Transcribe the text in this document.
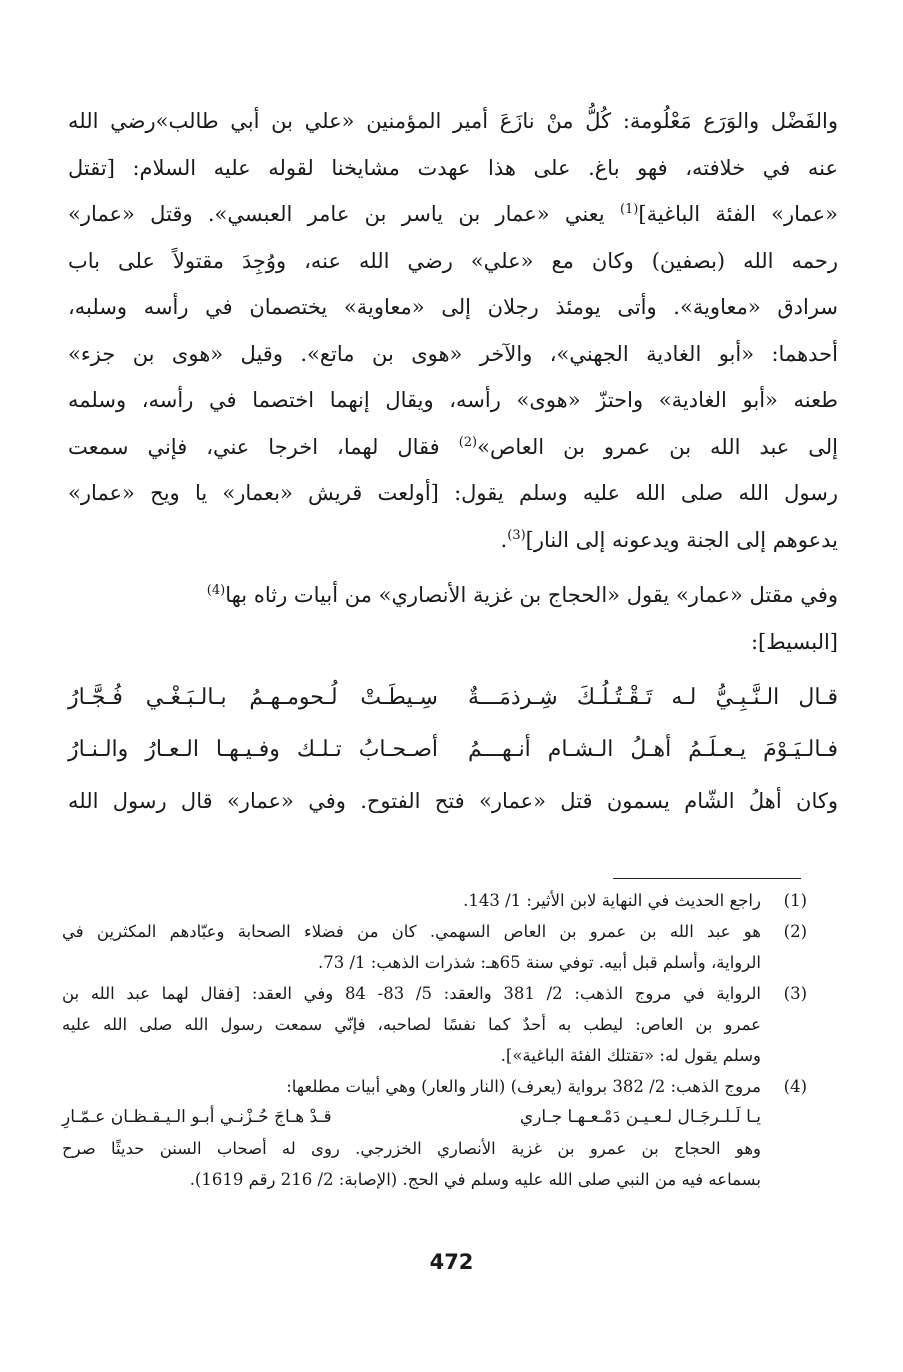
والفَضْل والوَرَع مَعْلُومة: كُلُّ منْ نازَعَ أمير المؤمنين «علي بن أبي طالب»رضي الله
عنه في خلافته، فهو باغ. على هذا عهدت مشايخنا لقوله عليه السلام: [تقتل
«عمار» الفئة الباغية]$^{(1)}$ يعني «عمار بن ياسر بن عامر العبسي». وقتل «عمار»
رحمه الله (بصفين) وكان مع «علي» رضي الله عنه، ووُجِدَ مقتولاً على باب
سرادق «معاوية». وأتى يومئذ رجلان إلى «معاوية» يختصمان في رأسه وسلبه،
أحدهما: «أبو الغادية الجهني»، والآخر «هوى بن ماتع». وقيل «هوى بن جزء»
طعنه «أبو الغادية» واحتزّ «هوى» رأسه، ويقال إنهما اختصما في رأسه، وسلمه
إلى عبد الله بن عمرو بن العاص»$^{(2)}$ فقال لهما، اخرجا عني، فإني سمعت
رسول الله صلى الله عليه وسلم يقول: [أولعت قريش «بعمار» يا ويح «عمار»
يدعوهم إلى الجنة ويدعونه إلى النار]$^{(3)}$.
وفي مقتل «عمار» يقول «الحجاج بن غزية الأنصاري» من أبيات رثاه بها$^{(4)}$
[البسيط]:
قـال الـنَّـبِـيُّ لـه تَـقْـتُـلُـكَ شِـرذمَـــةٌ
سِـيطَـتْ لُـحومـهـمُ بـالـبَـغْـي فُـجَّـارُ
فـالـيَـوْمَ يـعـلَـمُ أهـلُ الـشـام أنـهـــمُ
أصـحـابُ تـلـك وفـيـهـا الـعـارُ والـنـارُ
وكان أهلُ الشّام يسمون قتل «عمار» فتح الفتوح. وفي «عمار» قال رسول الله
(1)
راجع الحديث في النهاية لابن الأثير: 1/ 143.
(2)
هو عبد الله بن عمرو بن العاص السهمي. كان من فضلاء الصحابة وعبّادهم المكثرين في
الرواية، وأسلم قبل أبيه. توفي سنة 65هـ: شذرات الذهب: 1/ 73.
(3)
الرواية في مروج الذهب: 2/ 381 والعقد: 5/ 83- 84 وفي العقد: [فقال لهما عبد الله بن
عمرو بن العاص: ليطب به أحدٌ كما نفسًا لصاحبه، فإنّي سمعت رسول الله صلى الله عليه
وسلم يقول له: «تقتلك الفئة الباغية»].
(4)
مروج الذهب: 2/ 382 برواية (يعرف) (النار والعار) وهي أبيات مطلعها:
يـا لَـلـرجَـال لـعـيـن دَمْـعـهـا جـاري
قـدْ هـاجَ حُـزْنـي أبـو الـيـقـظـان عـمّـارِ
وهو الحجاج بن عمرو بن غزية الأنصاري الخزرجي. روى له أصحاب السنن حديثًا صرح
بسماعه فيه من النبي صلى الله عليه وسلم في الحج. (الإصابة: 2/ 216 رقم 1619).
472
